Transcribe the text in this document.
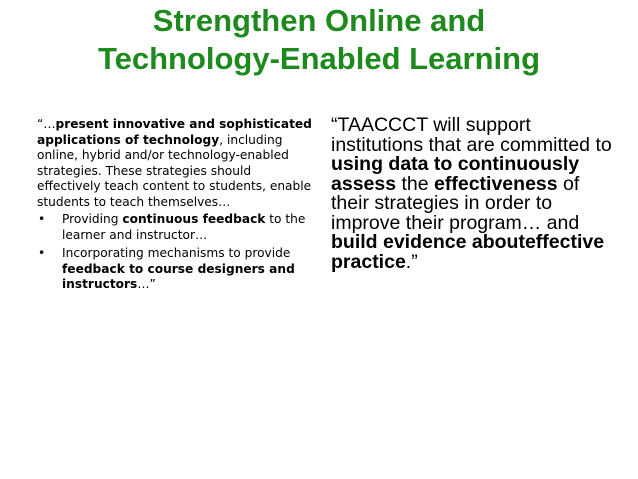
Strengthen Online and
Technology-Enabled Learning

“…present innovative and sophisticated applications of technology, including online, hybrid and/or technology-enabled strategies. These strategies should effectively teach content to students, enable students to teach themselves…

• Providing continuous feedback to the learner and instructor…
• Incorporating mechanisms to provide feedback to course designers and instructors…”

“TAACCCT will support institutions that are committed to using data to continuously assess the effectiveness of their strategies in order to improve their program… and build evidence abouteffective practice.”
